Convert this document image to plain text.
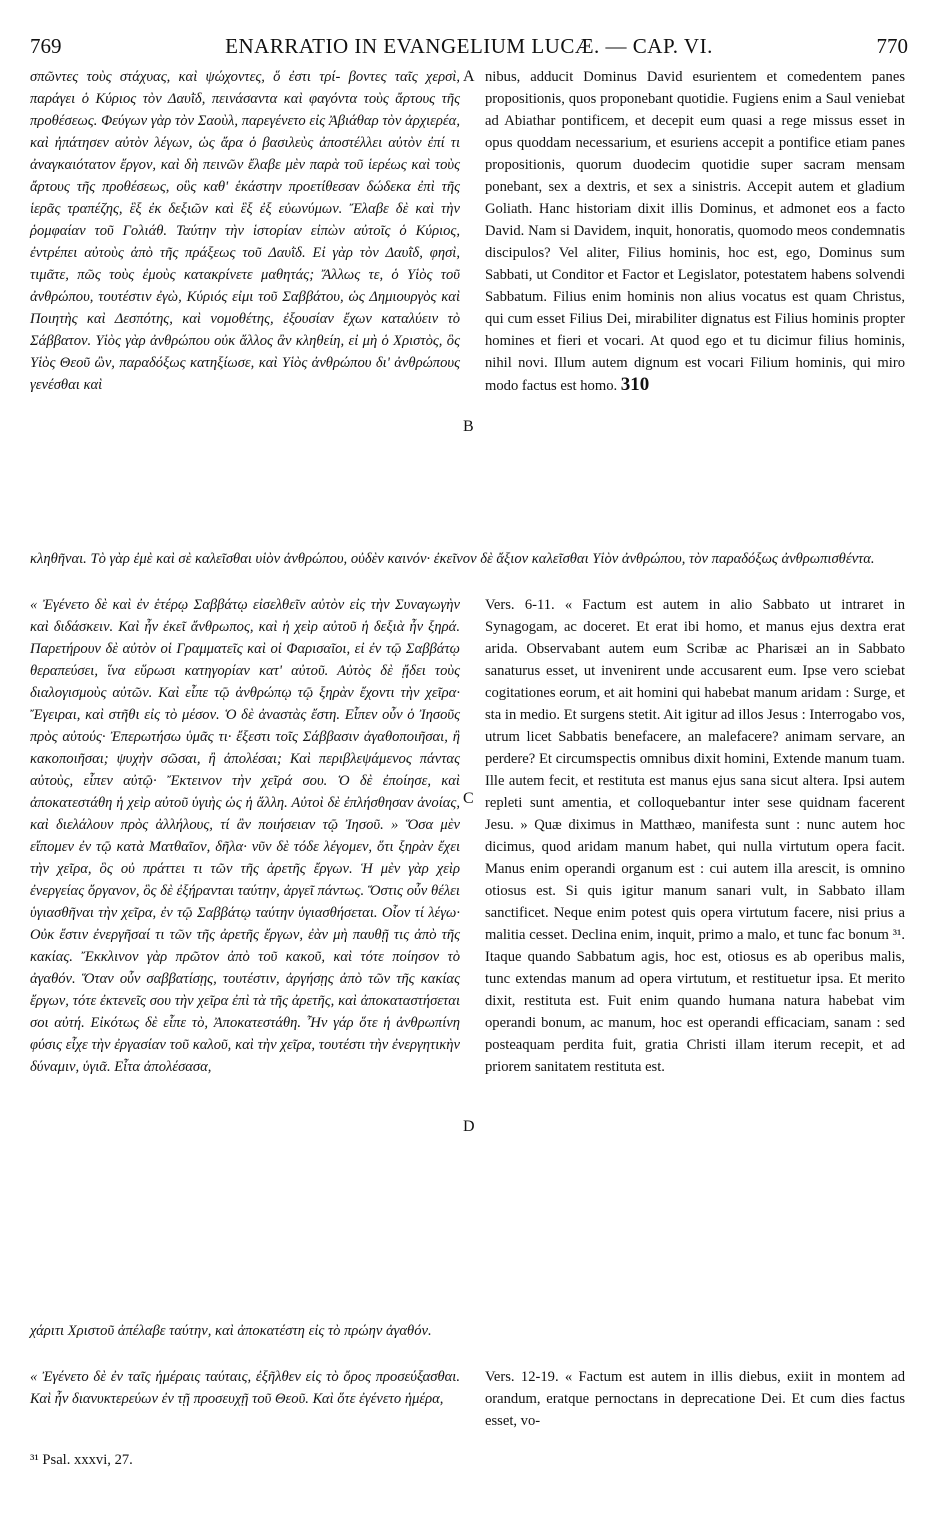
769	ENARRATIO IN EVANGELIUM LUCÆ. — CAP. VI.	770
σπῶντες τοὺς στάχυας, καὶ ψώχοντες, ὅ ἐστι τρί- βοντες ταῖς χερσὶ, παράγει ὁ Κύριος τὸν Δαυῒδ, πεινάσαντα καὶ φαγόντα τοὺς ἄρτους τῆς προθέσεως. Φεύγων γὰρ τὸν Σαοὺλ, παρεγένετο εἰς Ἀβιάθαρ τὸν ἀρχιερέα, καὶ ἠπάτησεν αὐτὸν λέγων, ὡς ἄρα ὁ βασιλεὺς ἀποστέλλει αὐτὸν ἐπί τι ἀναγκαιότατον ἔργον, καὶ δὴ πεινῶν ἔλαβε μὲν παρὰ τοῦ ἱερέως καὶ τοὺς ἄρτους τῆς προθέσεως, οὓς καθ' ἑκάστην προετίθεσαν δώδεκα ἐπὶ τῆς ἱερᾶς τραπέζης, ἓξ ἐκ δεξιῶν καὶ ἓξ ἐξ εὐωνύμων. Ἔλαβε δὲ καὶ τὴν ῥομφαίαν τοῦ Γολιάθ. Ταύτην τὴν ἱστορίαν εἰπὼν αὐτοῖς ὁ Κύριος, ἐντρέπει αὐτοὺς ἀπὸ τῆς πράξεως τοῦ Δαυῒδ. Εἰ γὰρ τὸν Δαυῒδ, φησὶ, τιμᾶτε, πῶς τοὺς ἐμοὺς κατακρίνετε μαθητάς; Ἄλλως τε, ὁ Υἱὸς τοῦ ἀνθρώπου, τουτέστιν ἐγὼ, Κύριός εἰμι τοῦ Σαββάτου, ὡς Δημιουργὸς καὶ Ποιητὴς καὶ Δεσπότης, καὶ νομοθέτης, ἐξουσίαν ἔχων καταλύειν τὸ Σάββατον. Υἱὸς γὰρ ἀνθρώπου οὐκ ἄλλος ἂν κληθείη, εἰ μὴ ὁ Χριστὸς, ὃς Υἱὸς Θεοῦ ὢν, παραδόξως κατηξίωσε, καὶ Υἱὸς ἀνθρώπου δι' ἀνθρώπους γενέσθαι καὶ
nibus, adducit Dominus David esurientem et comedentem panes propositionis, quos proponebant quotidie. Fugiens enim a Saul veniebat ad Abiathar pontificem, et decepit eum quasi a rege missus esset in opus quoddam necessarium, et esuriens accepit a pontifice etiam panes propositionis, quorum duodecim quotidie super sacram mensam ponebant, sex a dextris, et sex a sinistris. Accepit autem et gladium Goliath. Hanc historiam dixit illis Dominus, et admonet eos a facto David. Nam si Davidem, inquit, honoratis, quomodo meos condemnatis discipulos? Vel aliter, Filius hominis, hoc est, ego, Dominus sum Sabbati, ut Conditor et Factor et Legislator, potestatem habens solvendi Sabbatum. Filius enim hominis non alius vocatus est quam Christus, qui cum esset Filius Dei, mirabiliter dignatus est Filius hominis propter homines et fieri et vocari. At quod ego et tu dicimur filius hominis, nihil novi. Illum autem dignum est vocari Filium hominis, qui miro modo factus est homo. 310
κληθῆναι. Τὸ γὰρ ἐμὲ καὶ σὲ καλεῖσθαι υἱὸν ἀνθρώπου, οὐδὲν καινόν· ἐκεῖνον δὲ ἄξιον καλεῖσθαι Υἱὸν ἀνθρώπου, τὸν παραδόξως ἀνθρωπισθέντα.
« Ἐγένετο δὲ καὶ ἐν ἑτέρῳ Σαββάτῳ εἰσελθεῖν αὐτὸν εἰς τὴν Συναγωγὴν καὶ διδάσκειν. Καὶ ἦν ἐκεῖ ἄνθρωπος, καὶ ἡ χεὶρ αὐτοῦ ἡ δεξιὰ ἦν ξηρά. Παρετήρουν δὲ αὐτὸν οἱ Γραμματεῖς καὶ οἱ Φαρισαῖοι, εἰ ἐν τῷ Σαββάτῳ θεραπεύσει, ἵνα εὕρωσι κατηγορίαν κατ' αὐτοῦ. Αὐτὸς δὲ ᾔδει τοὺς διαλογισμοὺς αὐτῶν. Καὶ εἶπε τῷ ἀνθρώπῳ τῷ ξηρὰν ἔχοντι τὴν χεῖρα· Ἔγειραι, καὶ στῆθι εἰς τὸ μέσον. Ὁ δὲ ἀναστὰς ἔστη. Εἶπεν οὖν ὁ Ἰησοῦς πρὸς αὐτούς· Ἐπερωτήσω ὑμᾶς τι· ἔξεστι τοῖς Σάββασιν ἀγαθοποιῆσαι, ἢ κακοποιῆσαι; ψυχὴν σῶσαι, ἢ ἀπολέσαι; Καὶ περιβλεψάμενος πάντας αὐτοὺς, εἶπεν αὐτῷ· Ἔκτεινον τὴν χεῖρά σου. Ὁ δὲ ἐποίησε, καὶ ἀποκατεστάθη ἡ χεὶρ αὐτοῦ ὑγιὴς ὡς ἡ ἄλλη. Αὐτοὶ δὲ ἐπλήσθησαν ἀνοίας, καὶ διελάλουν πρὸς ἀλλήλους, τί ἂν ποιήσειαν τῷ Ἰησοῦ. » Ὅσα μὲν εἴπομεν ἐν τῷ κατὰ Ματθαῖον, δῆλα· νῦν δὲ τόδε λέγομεν, ὅτι ξηρὰν ἔχει τὴν χεῖρα, ὃς οὐ πράττει τι τῶν τῆς ἀρετῆς ἔργων. Ἡ μὲν γὰρ χεὶρ ἐνεργείας ὄργανον, ὃς δὲ ἐξήρανται ταύτην, ἀργεῖ πάντως. Ὅστις οὖν θέλει ὑγιασθῆναι τὴν χεῖρα, ἐν τῷ Σαββάτῳ ταύτην ὑγιασθήσεται. Οἷον τί λέγω· Οὐκ ἔστιν ἐνεργῆσαί τι τῶν τῆς ἀρετῆς ἔργων, ἐὰν μὴ παυθῇ τις ἀπὸ τῆς κακίας. Ἔκκλινον γὰρ πρῶτον ἀπὸ τοῦ κακοῦ, καὶ τότε ποίησον τὸ ἀγαθόν. Ὅταν οὖν σαββατίσῃς, τουτέστιν, ἀργήσῃς ἀπὸ τῶν τῆς κακίας ἔργων, τότε ἐκτενεῖς σου τὴν χεῖρα ἐπὶ τὰ τῆς ἀρετῆς, καὶ ἀποκαταστήσεται σοι αὐτή. Εἰκότως δὲ εἶπε τὸ, Ἀποκατεστάθη. Ἦν γάρ ὅτε ἡ ἀνθρωπίνη φύσις εἶχε τὴν ἐργασίαν τοῦ καλοῦ, καὶ τὴν χεῖρα, τουτέστι τὴν ἐνεργητικὴν δύναμιν, ὑγιᾶ. Εἶτα ἀπολέσασα,
Vers. 6-11. « Factum est autem in alio Sabbato ut intraret in Synagogam, ac doceret. Et erat ibi homo, et manus ejus dextra erat arida. Observabant autem eum Scribæ ac Pharisæi an in Sabbato sanaturus esset, ut invenirent unde accusarent eum. Ipse vero sciebat cogitationes eorum, et ait homini qui habebat manum aridam : Surge, et sta in medio. Et surgens stetit. Ait igitur ad illos Jesus : Interrogabo vos, utrum licet Sabbatis benefacere, an malefacere? animam servare, an perdere? Et circumspectis omnibus dixit homini, Extende manum tuam. Ille autem fecit, et restituta est manus ejus sana sicut altera. Ipsi autem repleti sunt amentia, et colloquebantur inter sese quidnam facerent Jesu. » Quæ diximus in Matthæo, manifesta sunt : nunc autem hoc dicimus, quod aridam manum habet, qui nulla virtutum opera facit. Manus enim operandi organum est : cui autem illa arescit, is omnino otiosus est. Si quis igitur manum sanari vult, in Sabbato illam sanctificet. Neque enim potest quis opera virtutum facere, nisi prius a malitia cesset. Declina enim, inquit, primo a malo, et tunc fac bonum ³¹. Itaque quando Sabbatum agis, hoc est, otiosus es ab operibus malis, tunc extendas manum ad opera virtutum, et restituetur ipsa. Et merito dixit, restituta est. Fuit enim quando humana natura habebat vim operandi bonum, ac manum, hoc est operandi efficaciam, sanam : sed posteaquam perdita fuit, gratia Christi illam iterum recepit, et ad priorem sanitatem restituta est.
χάριτι Χριστοῦ ἀπέλαβε ταύτην, καὶ ἀποκατέστη εἰς τὸ πρώην ἀγαθόν.
« Ἐγένετο δὲ ἐν ταῖς ἡμέραις ταύταις, ἐξῆλθεν εἰς τὸ ὄρος προσεύξασθαι. Καὶ ἦν διανυκτερεύων ἐν τῇ προσευχῇ τοῦ Θεοῦ. Καὶ ὅτε ἐγένετο ἡμέρα,
Vers. 12-19. « Factum est autem in illis diebus, exiit in montem ad orandum, eratque pernoctans in deprecatione Dei. Et cum dies factus esset, vo-
A
B
C
D
³¹ Psal. xxxvi, 27.
